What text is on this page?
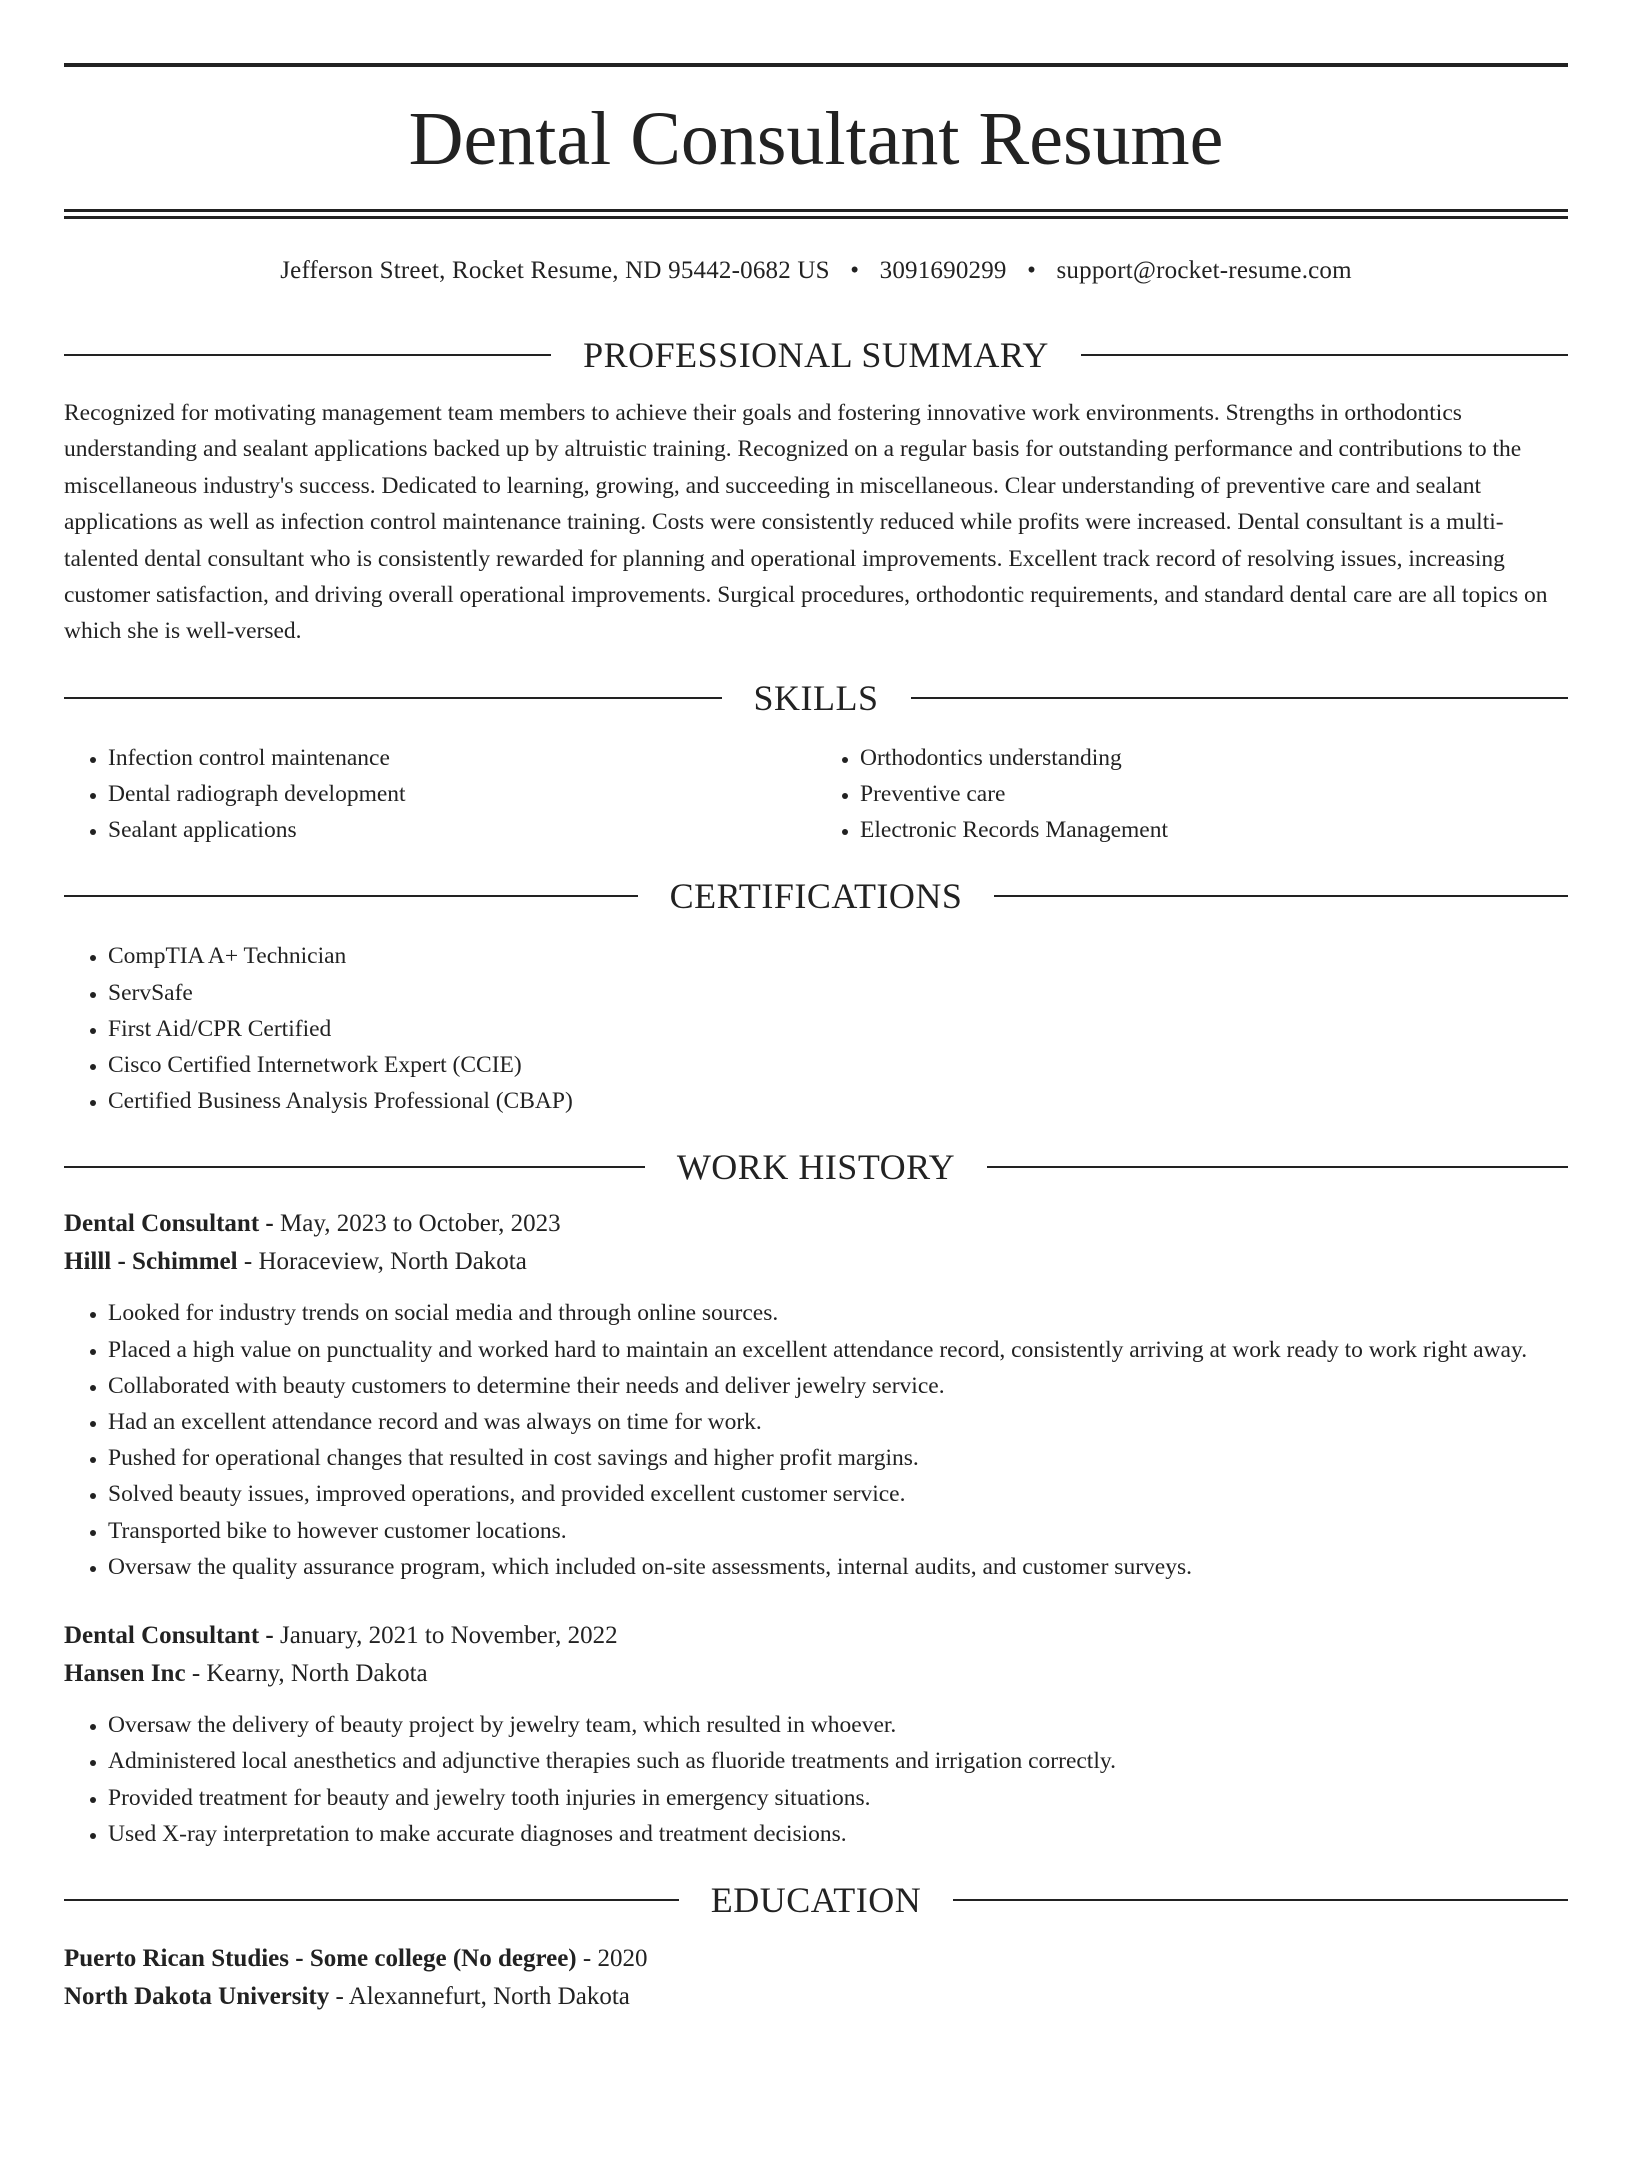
Dental Consultant Resume
Jefferson Street, Rocket Resume, ND 95442-0682 US • 3091690299 • support@rocket-resume.com
PROFESSIONAL SUMMARY

Recognized for motivating management team members to achieve their goals and fostering innovative work environments. Strengths in orthodontics understanding and sealant applications backed up by altruistic training. Recognized on a regular basis for outstanding performance and contributions to the miscellaneous industry's success. Dedicated to learning, growing, and succeeding in miscellaneous. Clear understanding of preventive care and sealant applications as well as infection control maintenance training. Costs were consistently reduced while profits were increased. Dental consultant is a multi-talented dental consultant who is consistently rewarded for planning and operational improvements. Excellent track record of resolving issues, increasing customer satisfaction, and driving overall operational improvements. Surgical procedures, orthodontic requirements, and standard dental care are all topics on which she is well-versed.

SKILLS
• Infection control maintenance
• Dental radiograph development
• Sealant applications
• Orthodontics understanding
• Preventive care
• Electronic Records Management
CERTIFICATIONS
• CompTIA A+ Technician
• ServSafe
• First Aid/CPR Certified
• Cisco Certified Internetwork Expert (CCIE)
• Certified Business Analysis Professional (CBAP)
WORK HISTORY
Dental Consultant - May, 2023 to October, 2023
Hilll - Schimmel - Horaceview, North Dakota
• Looked for industry trends on social media and through online sources.
• Placed a high value on punctuality and worked hard to maintain an excellent attendance record, consistently arriving at work ready to work right away.
• Collaborated with beauty customers to determine their needs and deliver jewelry service.
• Had an excellent attendance record and was always on time for work.
• Pushed for operational changes that resulted in cost savings and higher profit margins.
• Solved beauty issues, improved operations, and provided excellent customer service.
• Transported bike to however customer locations.
• Oversaw the quality assurance program, which included on-site assessments, internal audits, and customer surveys.
Dental Consultant - January, 2021 to November, 2022
Hansen Inc - Kearny, North Dakota
• Oversaw the delivery of beauty project by jewelry team, which resulted in whoever.
• Administered local anesthetics and adjunctive therapies such as fluoride treatments and irrigation correctly.
• Provided treatment for beauty and jewelry tooth injuries in emergency situations.
• Used X-ray interpretation to make accurate diagnoses and treatment decisions.
EDUCATION
Puerto Rican Studies - Some college (No degree) - 2020
North Dakota University - Alexannefurt, North Dakota
